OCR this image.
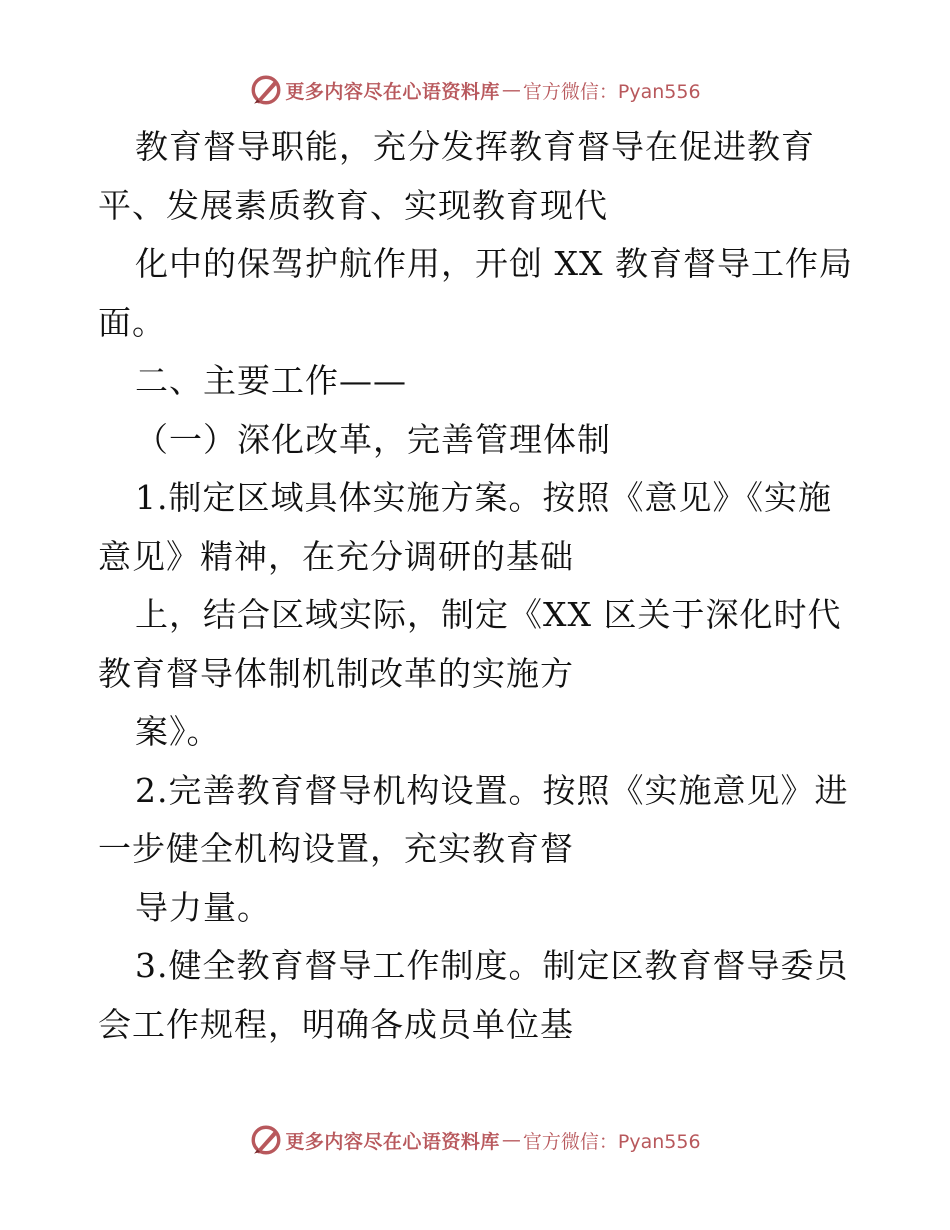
更多内容尽在心语资料库 — 官方微信：Pyan556
教育督导职能，充分发挥教育督导在促进教育
平、发展素质教育、实现教育现代
化中的保驾护航作用，开创 XX 教育督导工作局
面。
二、主要工作——
（一）深化改革，完善管理体制
1.制定区域具体实施方案。按照《意见》《实施
意见》精神，在充分调研的基础
上，结合区域实际，制定《XX 区关于深化时代
教育督导体制机制改革的实施方
案》。
2.完善教育督导机构设置。按照《实施意见》进
一步健全机构设置，充实教育督
导力量。
3.健全教育督导工作制度。制定区教育督导委员
会工作规程，明确各成员单位基
更多内容尽在心语资料库 — 官方微信：Pyan556
